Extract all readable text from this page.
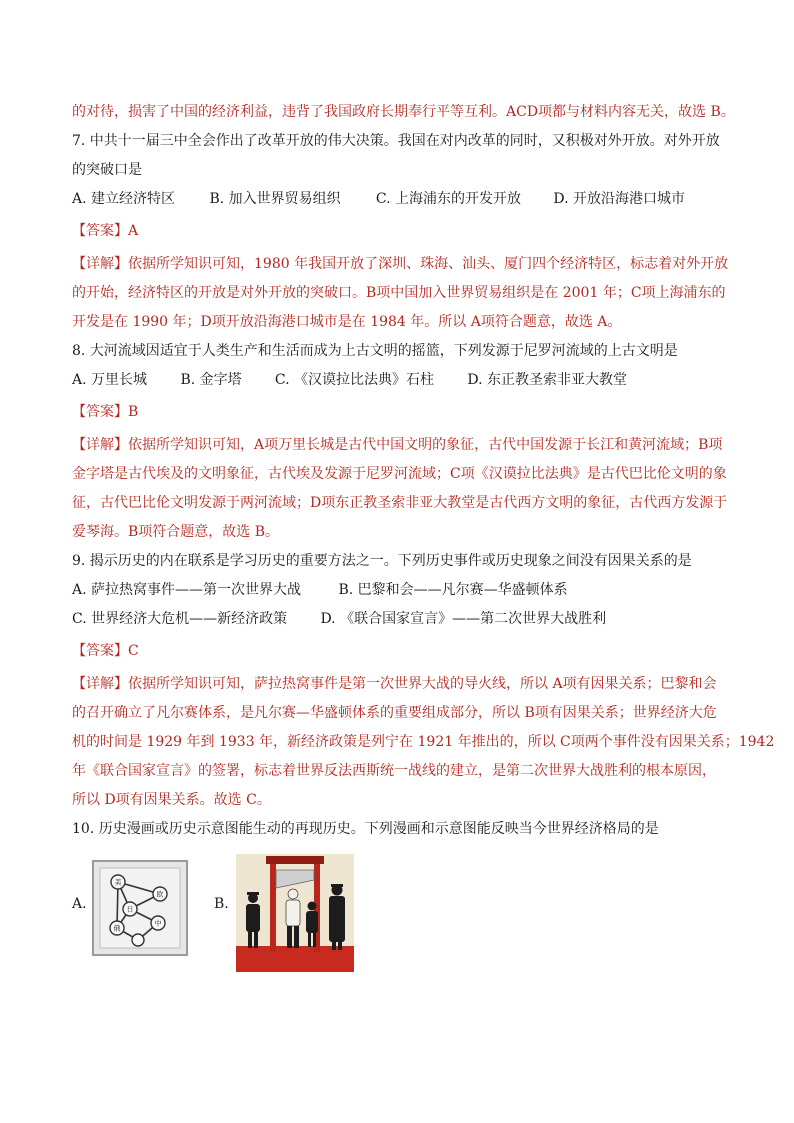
的对待，损害了中国的经济利益，违背了我国政府长期奉行平等互利。ACD项都与材料内容无关，故选 B。
7. 中共十一届三中全会作出了改革开放的伟大决策。我国在对内改革的同时，又积极对外开放。对外开放
的突破口是
A. 建立经济特区 B. 加入世界贸易组织	C. 上海浦东的开发开放 D. 开放沿海港口城市
【答案】A
【详解】依据所学知识可知，1980 年我国开放了深圳、珠海、汕头、厦门四个经济特区，标志着对外开放
的开始，经济特区的开放是对外开放的突破口。B项中国加入世界贸易组织是在 2001 年；C项上海浦东的
开发是在 1990 年；D项开放沿海港口城市是在 1984 年。所以 A项符合题意，故选 A。
8. 大河流域因适宜于人类生产和生活而成为上古文明的摇篮，下列发源于尼罗河流域的上古文明是
A. 万里长城 B. 金字塔 C. 《汉谟拉比法典》石柱 D. 东正教圣索非亚大教堂
【答案】B
【详解】依据所学知识可知，A项万里长城是古代中国文明的象征，古代中国发源于长江和黄河流域；B项
金字塔是古代埃及的文明象征，古代埃及发源于尼罗河流域；C项《汉谟拉比法典》是古代巴比伦文明的象
征，古代巴比伦文明发源于两河流域；D项东正教圣索非亚大教堂是古代西方文明的象征，古代西方发源于
爱琴海。B项符合题意，故选 B。
9. 揭示历史的内在联系是学习历史的重要方法之一。下列历史事件或历史现象之间没有因果关系的是
A. 萨拉热窝事件——第一次世界大战	B. 巴黎和会——凡尔赛—华盛顿体系
C. 世界经济大危机——新经济政策 D. 《联合国家宣言》——第二次世界大战胜利
【答案】C
【详解】依据所学知识可知，萨拉热窝事件是第一次世界大战的导火线，所以 A项有因果关系；巴黎和会
的召开确立了凡尔赛体系，是凡尔赛—华盛顿体系的重要组成部分，所以 B项有因果关系；世界经济大危
机的时间是 1929 年到 1933 年，新经济政策是列宁在 1921 年推出的，所以 C项两个事件没有因果关系；1942
年《联合国家宣言》的签署，标志着世界反法西斯统一战线的建立，是第二次世界大战胜利的根本原因，
所以 D项有因果关系。故选 C。
10. 历史漫画或历史示意图能生动的再现历史。下列漫画和示意图能反映当今世界经济格局的是
A.
美
欧
日
俄
中
B.
